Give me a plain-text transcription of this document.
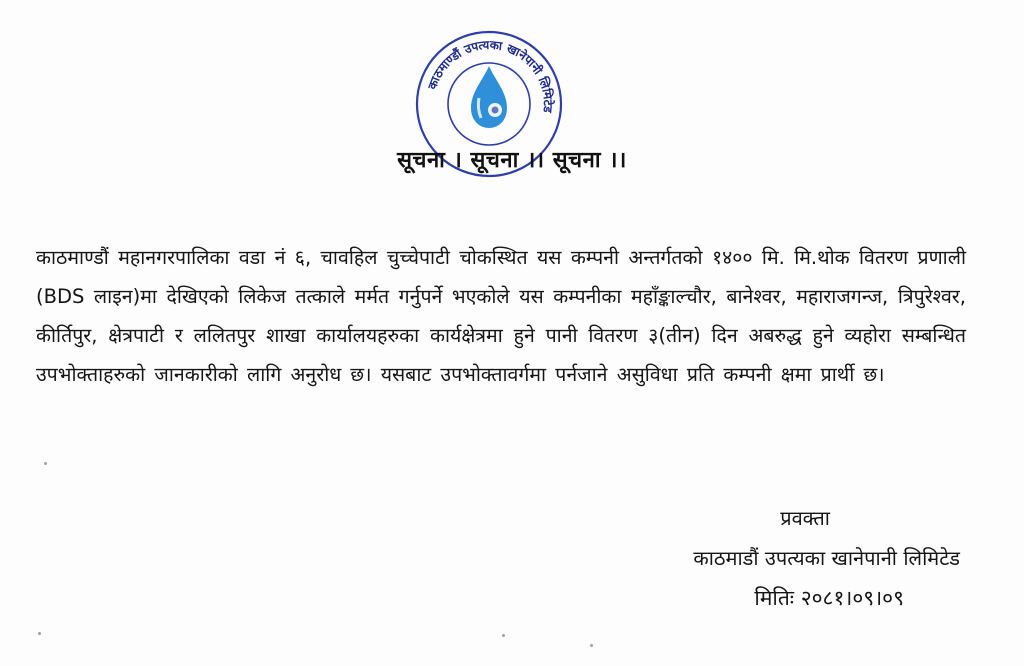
काठमाण्डौं उपत्यका खानेपानी लिमिटेड
सूचना । सूचना ।। सूचना ।।

काठमाण्डौं महानगरपालिका वडा नं ६, चावहिल चुच्चेपाटी चोकस्थित यस कम्पनी अन्तर्गतको १४०० मि. मि.थोक वितरण प्रणाली (BDS लाइन)मा देखिएको लिकेज तत्काले मर्मत गर्नुपर्ने भएकोले यस कम्पनीका महाँङ्काल्चौर, बानेश्वर, महाराजगन्ज, त्रिपुरेश्वर, कीर्तिपुर, क्षेत्रपाटी र ललितपुर शाखा कार्यालयहरुका कार्यक्षेत्रमा हुने पानी वितरण ३(तीन) दिन अबरुद्ध हुने व्यहोरा सम्बन्धित उपभोक्ताहरुको जानकारीको लागि अनुरोध छ। यसबाट उपभोक्तावर्गमा पर्नजाने असुविधा प्रति कम्पनी क्षमा प्रार्थी छ।

प्रवक्ता
काठमाडौं उपत्यका खानेपानी लिमिटेड
मितिः २०८१।०९।०९
